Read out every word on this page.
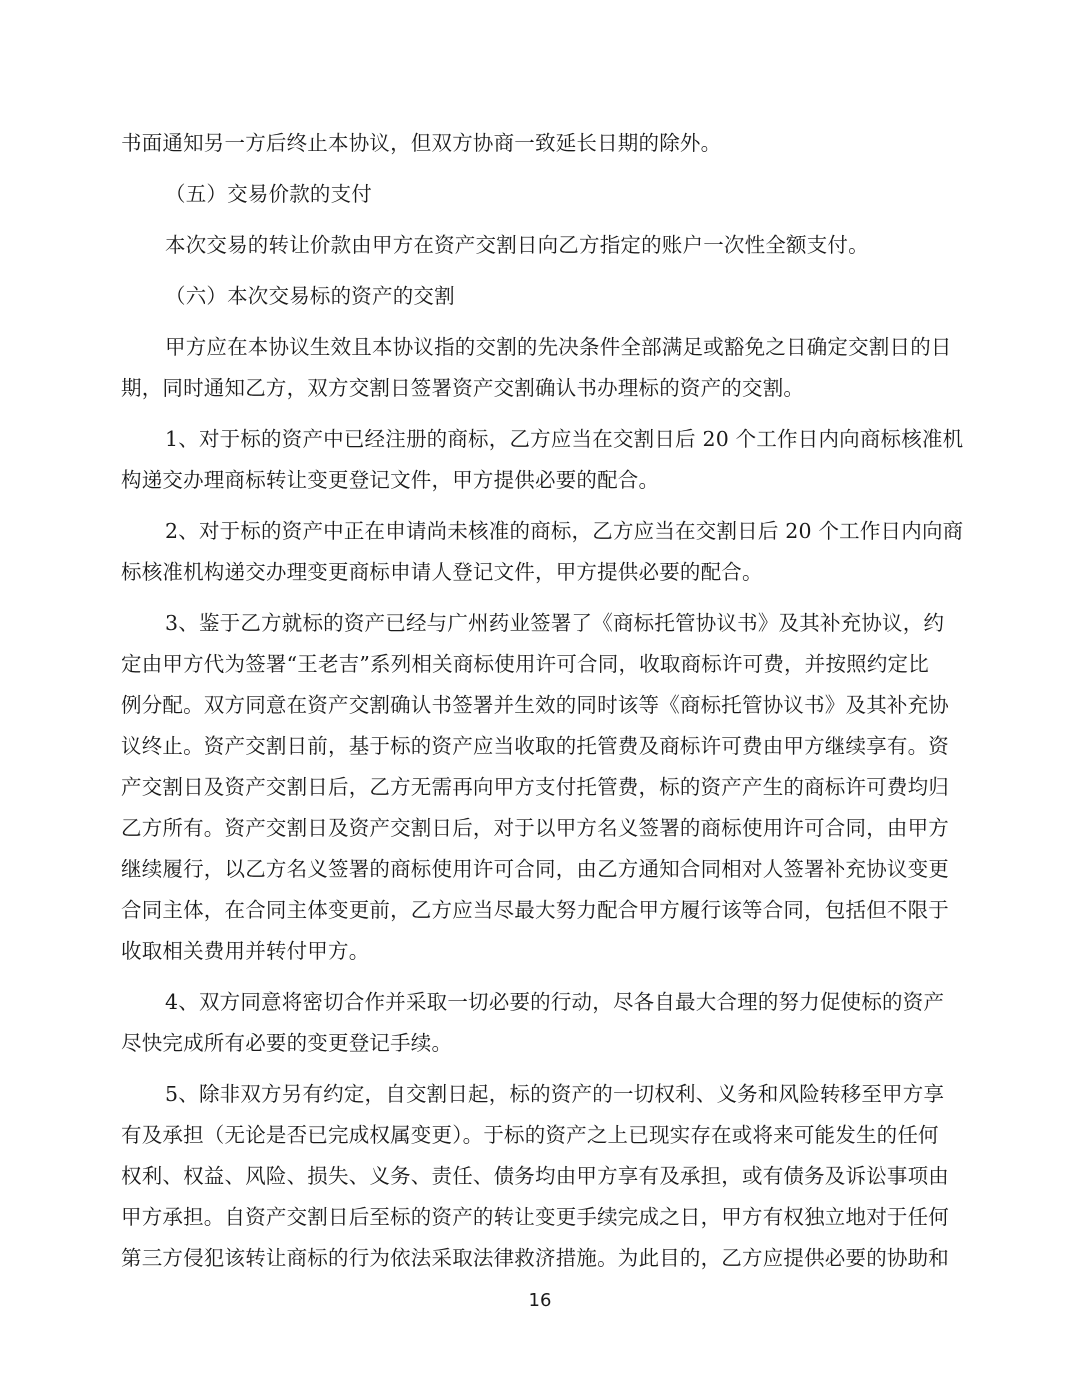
书面通知另一方后终止本协议，但双方协商一致延长日期的除外。
（五）交易价款的支付
本次交易的转让价款由甲方在资产交割日向乙方指定的账户一次性全额支付。
（六）本次交易标的资产的交割
甲方应在本协议生效且本协议指的交割的先决条件全部满足或豁免之日确定交割日的日
期，同时通知乙方，双方交割日签署资产交割确认书办理标的资产的交割。
1、对于标的资产中已经注册的商标，乙方应当在交割日后 20 个工作日内向商标核准机
构递交办理商标转让变更登记文件，甲方提供必要的配合。
2、对于标的资产中正在申请尚未核准的商标，乙方应当在交割日后 20 个工作日内向商
标核准机构递交办理变更商标申请人登记文件，甲方提供必要的配合。
3、鉴于乙方就标的资产已经与广州药业签署了《商标托管协议书》及其补充协议，约
定由甲方代为签署“王老吉”系列相关商标使用许可合同，收取商标许可费，并按照约定比
例分配。双方同意在资产交割确认书签署并生效的同时该等《商标托管协议书》及其补充协
议终止。资产交割日前，基于标的资产应当收取的托管费及商标许可费由甲方继续享有。资
产交割日及资产交割日后，乙方无需再向甲方支付托管费，标的资产产生的商标许可费均归
乙方所有。资产交割日及资产交割日后，对于以甲方名义签署的商标使用许可合同，由甲方
继续履行，以乙方名义签署的商标使用许可合同，由乙方通知合同相对人签署补充协议变更
合同主体，在合同主体变更前，乙方应当尽最大努力配合甲方履行该等合同，包括但不限于
收取相关费用并转付甲方。
4、双方同意将密切合作并采取一切必要的行动，尽各自最大合理的努力促使标的资产
尽快完成所有必要的变更登记手续。
5、除非双方另有约定，自交割日起，标的资产的一切权利、义务和风险转移至甲方享
有及承担（无论是否已完成权属变更）。于标的资产之上已现实存在或将来可能发生的任何
权利、权益、风险、损失、义务、责任、债务均由甲方享有及承担，或有债务及诉讼事项由
甲方承担。自资产交割日后至标的资产的转让变更手续完成之日，甲方有权独立地对于任何
第三方侵犯该转让商标的行为依法采取法律救济措施。为此目的，乙方应提供必要的协助和
16
